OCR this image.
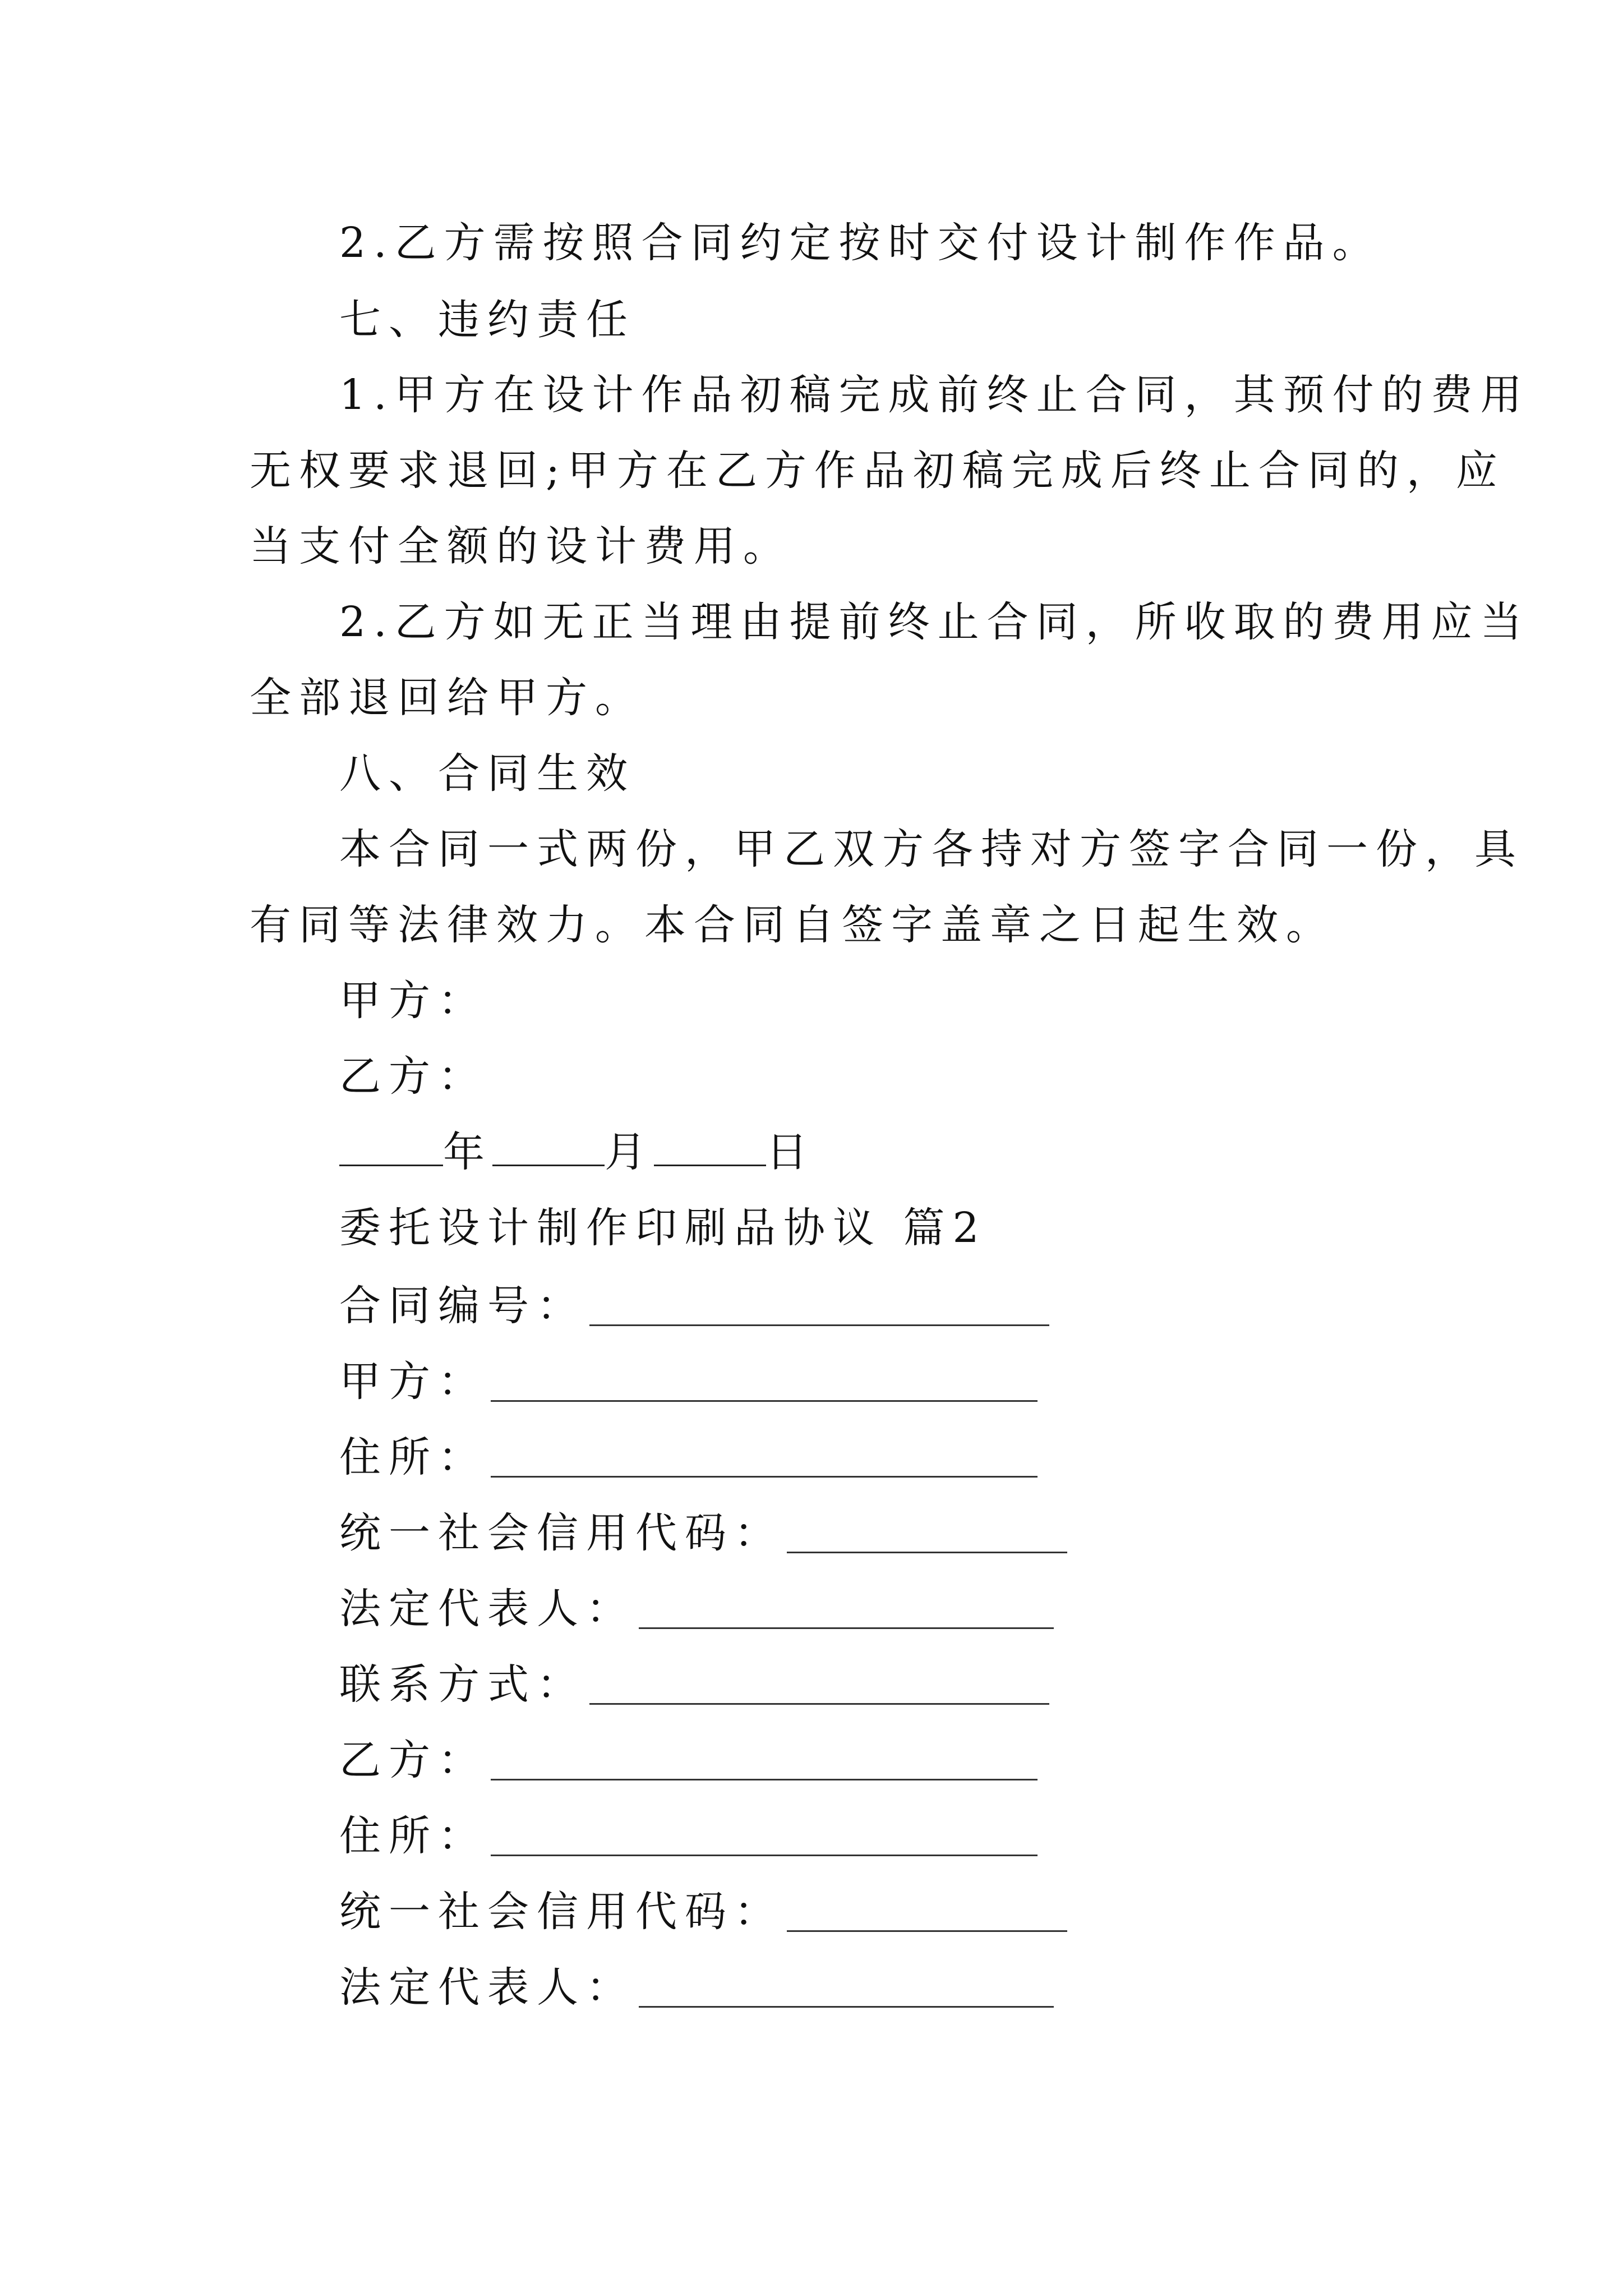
2.乙方需按照合同约定按时交付设计制作作品。
七、违约责任
1.甲方在设计作品初稿完成前终止合同，其预付的费用
无权要求退回;甲方在乙方作品初稿完成后终止合同的，应
当支付全额的设计费用。
2.乙方如无正当理由提前终止合同，所收取的费用应当
全部退回给甲方。
八、合同生效
本合同一式两份，甲乙双方各持对方签字合同一份，具
有同等法律效力。本合同自签字盖章之日起生效。
甲方：
乙方：
年	月	日
委托设计制作印刷品协议 篇2
合同编号：
甲方：
住所：
统一社会信用代码：
法定代表人：
联系方式：
乙方：
住所：
统一社会信用代码：
法定代表人：
